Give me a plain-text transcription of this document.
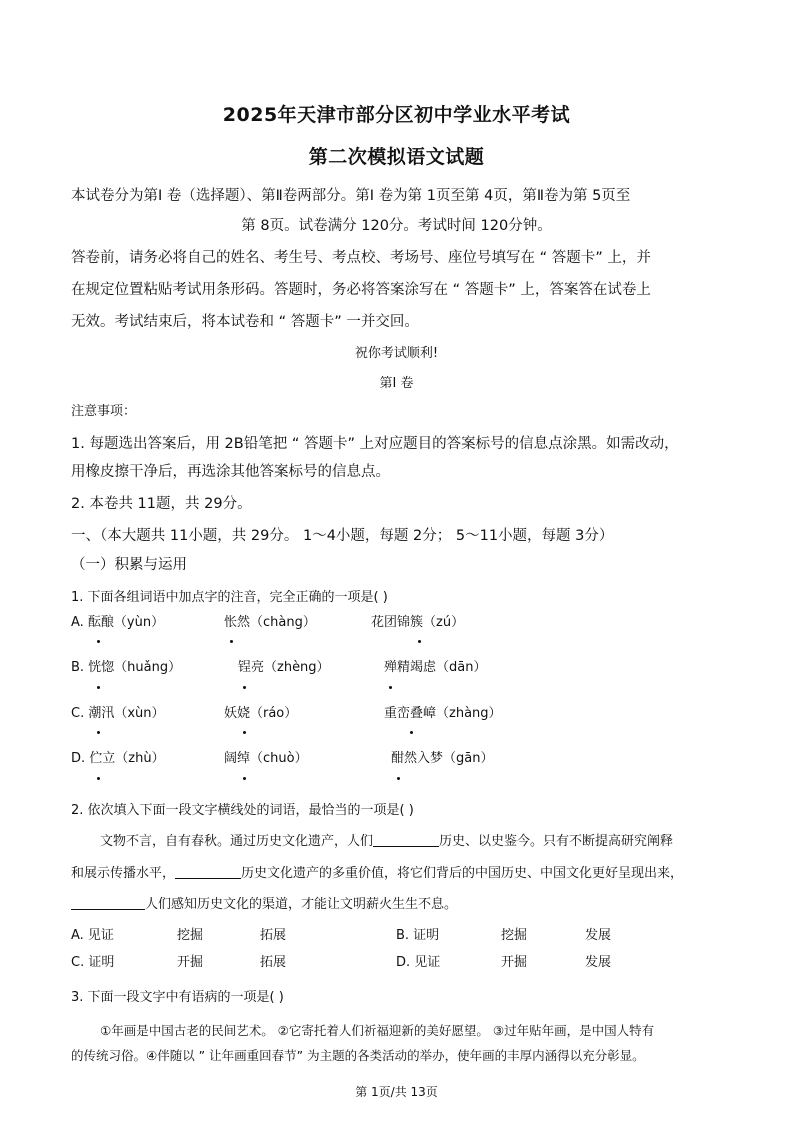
2025年天津市部分区初中学业水平考试
第二次模拟语文试题
本试卷分为第Ⅰ 卷（选择题）、第Ⅱ卷两部分。第Ⅰ 卷为第 1页至第 4页，第Ⅱ卷为第 5页至
第 8页。试卷满分 120分。考试时间 120分钟。
答卷前，请务必将自己的姓名、考生号、考点校、考场号、座位号填写在 “ 答题卡” 上，并
在规定位置粘贴考试用条形码。答题时，务必将答案涂写在 “ 答题卡” 上，答案答在试卷上
无效。考试结束后，将本试卷和 “ 答题卡” 一并交回。
祝你考试顺利!
第Ⅰ 卷
注意事项：
1. 每题选出答案后，用 2B铅笔把 “ 答题卡” 上对应题目的答案标号的信息点涂黑。如需改动，
用橡皮擦干净后，再选涂其他答案标号的信息点。
2. 本卷共 11题，共 29分。
一、（本大题共 11小题，共 29分。 1～4小题，每题 2分； 5～11小题，每题 3分）
（一）积累与运用
1. 下面各组词语中加点字的注音，完全正确的一项是( )
A. 酝酿（yùn）	怅然（chàng）	花团锦簇（zú）
B. 恍惚（huǎng）	锃亮（zhèng）	殚精竭虑（dān）
C. 潮汛（xùn）	妖娆（ráo）	重峦叠嶂（zhàng）
D. 伫立（zhù）	阔绰（chuò）	酣然入梦（gān）
2. 依次填入下面一段文字横线处的词语，最恰当的一项是( )
文物不言，自有春秋。通过历史文化遗产，人们	历史、以史鉴今。只有不断提高研究阐释
和展示传播水平，	历史文化遗产的多重价值，将它们背后的中国历史、中国文化更好呈现出来，
人们感知历史文化的渠道，才能让文明薪火生生不息。
A. 见证	挖掘	拓展	B. 证明	挖掘	发展
C. 证明	开掘	拓展	D. 见证	开掘	发展
3. 下面一段文字中有语病的一项是( )
①年画是中国古老的民间艺术。 ②它寄托着人们祈福迎新的美好愿望。 ③过年贴年画，是中国人特有
的传统习俗。④伴随以 ” 让年画重回春节” 为主题的各类活动的举办，使年画的丰厚内涵得以充分彰显。
第 1页/共 13页
